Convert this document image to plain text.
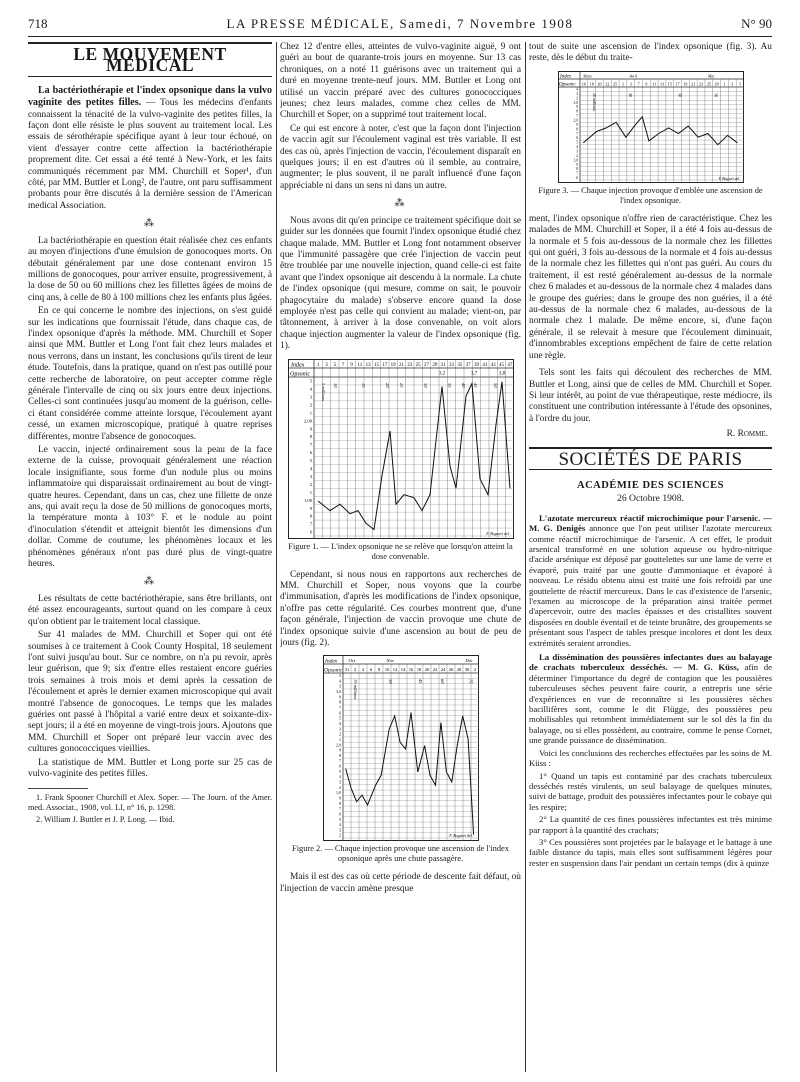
718	LA PRESSE MÉDICALE, Samedi, 7 Novembre 1908	N° 90
LE MOUVEMENT MÉDICAL

La bactériothérapie et l'index opsonique dans la vulvo vaginite des petites filles. — Tous les médecins d'enfants connaissent la ténacité de la vulvo-vaginite des petites filles, la façon dont elle résiste le plus souvent au traitement local. Les essais de sérothérapie spécifique ayant à leur tour échoué, on vient d'essayer contre cette affection la bactériothérapie proprement dite. Cet essai a été tenté à New-York, et les faits communiqués récemment par MM. Churchill et Soper¹, d'un côté, par MM. Buttler et Long², de l'autre, ont paru suffisamment probants pour être discutés à la dernière session de l'American medical Association.

⁂

La bactériothérapie en question était réalisée chez ces enfants au moyen d'injections d'une émulsion de gonocoques morts. On débutait généralement par une dose contenant environ 15 millions de gonocoques, pour arriver ensuite, progressivement, à la dose de 50 ou 60 millions chez les fillettes âgées de moins de cinq ans, à celle de 80 à 100 millions chez les enfants plus âgées.

En ce qui concerne le nombre des injections, on s'est guidé sur les indications que fournissait l'étude, dans chaque cas, de l'index opsonique d'après la méthode. MM. Churchill et Soper ainsi que MM. Buttler et Long l'ont fait chez leurs malades et nous verrons, dans un instant, les conclusions qu'ils tirent de leur étude. Toutefois, dans la pratique, quand on n'est pas outillé pour cette recherche de laboratoire, on peut accepter comme règle générale l'intervalle de cinq ou six jours entre deux injections. Celles-ci sont continuées jusqu'au moment de la guérison, celle-ci étant considérée comme atteinte lorsque, l'écoulement ayant cessé, un examen microscopique, pratiqué à quatre reprises différentes, montre l'absence de gonocoques.

Le vaccin, injecté ordinairement sous la peau de la face externe de la cuisse, provoquait généralement une réaction locale insignifiante, sous forme d'un nodule plus ou moins inflammatoire qui disparaissait ordinairement au bout de vingt-quatre heures. Cependant, dans un cas, chez une fillette de onze ans, qui avait reçu la dose de 50 millions de gonocoques morts, la température monta à 103° F. et le nodule au point d'inoculation s'étendit et atteignit bientôt les dimensions d'un dollar. Comme de coutume, les phénomènes locaux et les phénomènes généraux n'ont pas duré plus de vingt-quatre heures.

⁂

Les résultats de cette bactériothérapie, sans être brillants, ont été assez encourageants, surtout quand on les compare à ceux qu'on obtient par le traitement local classique.

Sur 41 malades de MM. Churchill et Soper qui ont été soumises à ce traitement à Cook County Hospital, 18 seulement l'ont suivi jusqu'au bout. Sur ce nombre, on n'a pu revoir, après leur guérison, que 9; six d'entre elles restaient encore guéries trois semaines à trois mois et demi après la cessation de l'écoulement et après le dernier examen microscopique qui avait montré l'absence de gonocoques. Le temps que les malades guéries ont passé à l'hôpital a varié entre deux et soixante-dix-sept jours; il a été en moyenne de vingt-trois jours. Ajoutons que MM. Churchill et Soper ont préparé leur vaccin avec des cultures gonococciques vieillies.

La statistique de MM. Buttler et Long porte sur 25 cas de vulvo-vaginite des petites filles.

1. Frank Spooner Churchill et Alex. Soper. — The Journ. of the Amer. med. Associat., 1908, vol. LI, n° 16, p. 1298.

2. William J. Buttler et J. P. Long. — Ibid.

Chez 12 d'entre elles, atteintes de vulvo-vaginite aiguë, 9 ont guéri au bout de quarante-trois jours en moyenne. Sur 13 cas chroniques, on a noté 11 guérisons avec un traitement qui a duré en moyenne trente-neuf jours. MM. Buttler et Long ont utilisé un vaccin préparé avec des cultures gonococciques jeunes; chez leurs malades, comme chez celles de MM. Churchill et Soper, on a supprimé tout traitement local.

Ce qui est encore à noter, c'est que la façon dont l'injection de vaccin agit sur l'écoulement vaginal est très variable. Il est des cas où, après l'injection de vaccin, l'écoulement disparaît en quelques jours; il en est d'autres où il semble, au contraire, augmenter; le plus souvent, il ne paraît influencé d'une façon appréciable ni dans un sens ni dans un autre.

⁂

Nous avons dit qu'en principe ce traitement spécifique doit se guider sur les données que fournit l'index opsonique étudié chez chaque malade. MM. Buttler et Long font notamment observer que l'immunité passagère que crée l'injection de vaccin peut être troublée par une nouvelle injection, quand celle-ci est faite avant que l'index opsonique ait descendu à la normale. La chute de l'index opsonique (qui mesure, comme on sait, le pouvoir phagocytaire du malade) s'observe encore quand la dose employée n'est pas celle qui convient au malade; vient-on, par tâtonnement, à arriver à la dose convenable, on voit alors chaque injection augmenter la valeur de l'index opsonique (fig. 1).

Index
Opsonic
1 3 5 7 9 11 13 15 17 19 21 23 25 27 29 31 33 35 37 39 41 43 45 47
5
4
3
2
1
2,00
9
8
7
6
5
4
3
2
1
1,00
9
8
7
6
5 millions 10	15	20 25	30	35 40 45	50
3,2	3,7	3,8
F. Bogaert del.
Figure 1. — L'index opsonique ne se relève que lorsqu'on atteint la dose convenable.

Cependant, si nous nous en rapportons aux recherches de MM. Churchill et Soper, nous voyons que la courbe d'immunisation, d'après les modifications de l'index opsonique, n'offre pas cette régularité. Ces courbes montrent que, d'une façon générale, l'injection de vaccin provoque une chute de l'index opsonique suivie d'une ascension au bout de peu de jours (fig. 2).

Index
Opsonic
Oct	Nov	Déc
31 2 4 6 8 10 12 14 16 18 20 22 24 26 28 30 2
5
4
3
3,0
9
8
7
6
5
4
3
2
1
2,0
9
8
7
6
5
4
3
2
1,0
9
8
7
6
5
4
3
2
15 millions	30	45	60	75
F. Bogaert del.
Figure 2. — Chaque injection provoque une ascension de l'index opsonique après une chute passagère.

Mais il est des cas où cette période de descente fait défaut, où l'injection de vaccin amène presque

tout de suite une ascension de l'index opsonique (fig. 3). Au reste, dès le début du traite-

Index
Opsonic
Mars	Avril	Mai
16 18 20 22 25 1 3 7 9 11 13 15 17 19 21 23 25 29 1 3 5
4
3
2
3,0
9
8
7
2,0
9
8
7
6
5
4
3
2
1,0
9
8
7
6
20 millions	30	50	70
F. Bogaert del.
Figure 3. — Chaque injection provoque d'emblée une ascension de l'index opsonique.

ment, l'index opsonique n'offre rien de caractéristique. Chez les malades de MM. Churchill et Soper, il a été 4 fois au-dessus de la normale et 5 fois au-dessous de la normale chez les fillettes qui ont guéri, 3 fois au-dessous de la normale et 4 fois au-dessus de la normale chez les fillettes qui n'ont pas guéri. Au cours du traitement, il est resté généralement au-dessus de la normale chez 6 malades et au-dessous de la normale chez 4 malades dans le groupe des guéries; dans le groupe des non guéries, il a été au-dessus de la normale chez 6 malades, au-dessous de la normale chez 1 malade. De même encore, si, d'une façon générale, il se relevait à mesure que l'écoulement diminuait, d'innombrables exceptions empêchent de faire de cette relation une règle.

Tels sont les faits qui découlent des recherches de MM. Buttler et Long, ainsi que de celles de MM. Churchill et Soper. Si leur intérêt, au point de vue thérapeutique, reste médiocre, ils constituent une contribution intéressante à l'étude des opsonines, à l'ordre du jour.

R. Romme.
SOCIÉTÉS DE PARIS
ACADÉMIE DES SCIENCES
26 Octobre 1908.

L'azotate mercureux réactif microchimique pour l'arsenic. — M. G. Denigès annonce que l'on peut utiliser l'azotate mercureux comme réactif microchimique de l'arsenic. A cet effet, le produit arsenical transformé en une solution aqueuse ou hydro-nitrique d'acide arsénique est déposé par gouttelettes sur une lame de verre et évaporé, puis traité par une goutte d'ammoniaque et évaporé à nouveau. Le résidu obtenu ainsi est traité une fois refroidi par une gouttelette de réactif mercureux. Dans le cas d'existence de l'arsenic, l'examen au microscope de la préparation ainsi traitée permet d'apercevoir, outre des macles épaisses et des cristallites souvent disposées en double éventail et de teinte brunâtre, des groupements se présentant sous l'aspect de tables presque incolores et dont les deux extrémités seraient arrondies.

La dissémination des poussières infectantes dues au balayage de crachats tuberculeux desséchés. — M. G. Küss, afin de déterminer l'importance du degré de contagion que les poussières tuberculeuses sèches peuvent faire courir, a entrepris une série d'expériences en vue de reconnaître si les poussières sèches bacillifères sont, comme le dit Flügge, des poussières peu mobilisables qui retombent immédiatement sur le sol dès la fin du balayage, ou si elles possèdent, au contraire, comme le pense Cornet, une grande puissance de dissémination.

Voici les conclusions des recherches effectuées par les soins de M. Küss :

1° Quand un tapis est contaminé par des crachats tuberculeux desséchés restés virulents, un seul balayage de quelques minutes, suivi de battage, produit des poussières infectantes pour le cobaye qui les respire;

2° La quantité de ces fines poussières infectantes est très minime par rapport à la quantité des crachats;

3° Ces poussières sont projetées par le balayage et le battage à une faible distance du tapis, mais elles sont suffisamment légères pour rester en suspension dans l'air pendant un certain temps (dix à quinze
